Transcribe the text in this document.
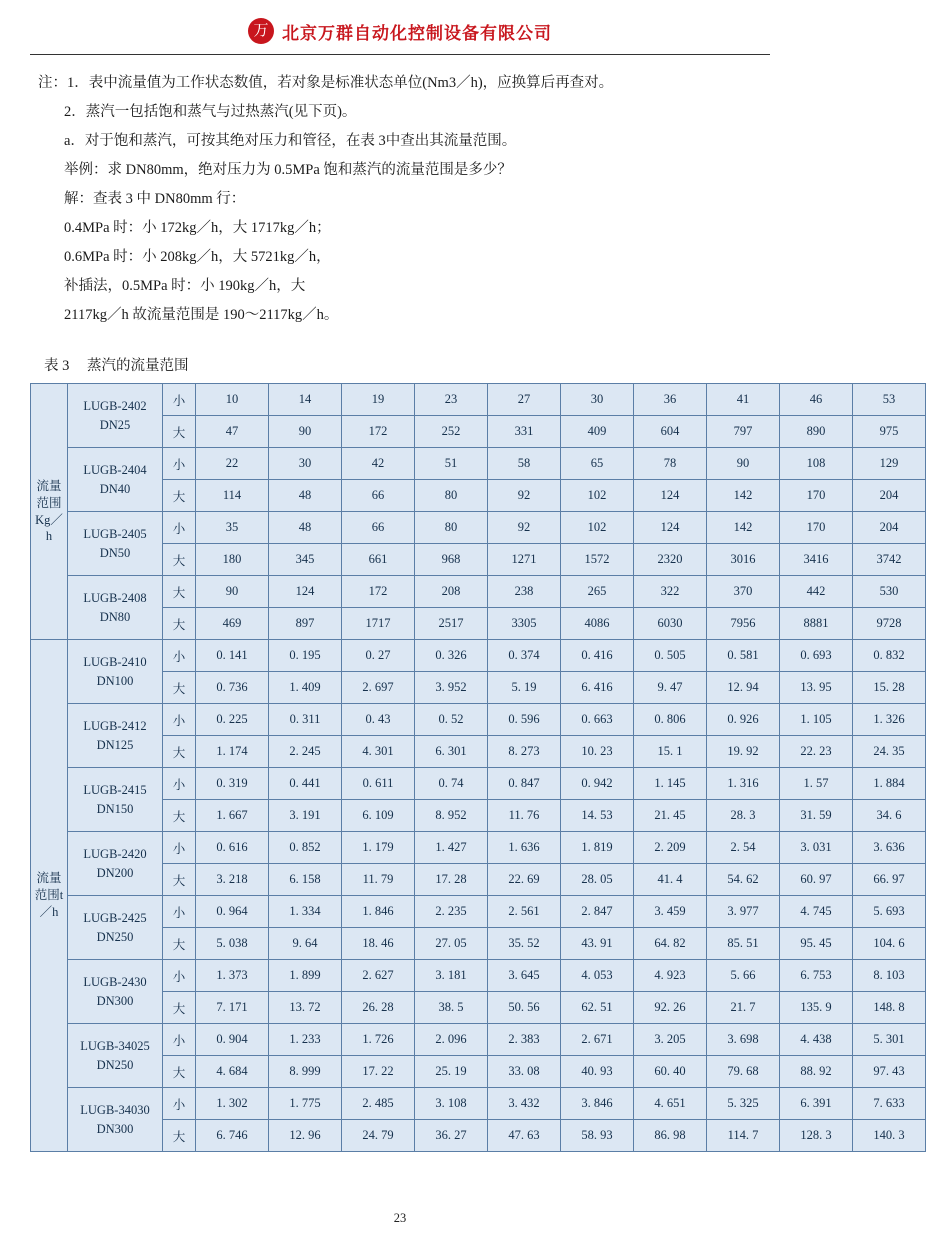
万 北京万群自动化控制设备有限公司
注：1．表中流量值为工作状态数值，若对象是标准状态单位(Nm3／h)，应换算后再查对。
2．蒸汽一包括饱和蒸气与过热蒸汽(见下页)。
a．对于饱和蒸汽，可按其绝对压力和管径，在表 3中查出其流量范围。
举例：求 DN80mm，绝对压力为 0.5MPa 饱和蒸汽的流量范围是多少？
解：查表 3 中 DN80mm 行：
0.4MPa 时：小 172kg／h，大 1717kg／h；
0.6MPa 时：小 208kg／h，大 5721kg／h，
补插法，0.5MPa 时：小 190kg／h，大
2117kg／h 故流量范围是 190～2117kg／h。
表 3 蒸汽的流量范围
流量范围Kg／h	LUGB-2402
DN25	小	10	14	19	23	27	30	36	41	46	53
		大	47	90	172	252	331	409	604	797	890	975

	LUGB-2404
DN40	小	22	30	42	51	58	65	78	90	108	129
		大	114	48	66	80	92	102	124	142	170	204

	LUGB-2405
DN50	小	35	48	66	80	92	102	124	142	170	204
		大	180	345	661	968	1271	1572	2320	3016	3416	3742

	LUGB-2408
DN80	大	90	124	172	208	238	265	322	370	442	530
		大	469	897	1717	2517	3305	4086	6030	7956	8881	9728
流量范围t／h	LUGB-2410
DN100	小	0. 141	0. 195	0. 27	0. 326	0. 374	0. 416	0. 505	0. 581	0. 693	0. 832
		大	0. 736	1. 409	2. 697	3. 952	5. 19	6. 416	9. 47	12. 94	13. 95	15. 28

	LUGB-2412
DN125	小	0. 225	0. 311	0. 43	0. 52	0. 596	0. 663	0. 806	0. 926	1. 105	1. 326
		大	1. 174	2. 245	4. 301	6. 301	8. 273	10. 23	15. 1	19. 92	22. 23	24. 35

	LUGB-2415
DN150	小	0. 319	0. 441	0. 611	0. 74	0. 847	0. 942	1. 145	1. 316	1. 57	1. 884
		大	1. 667	3. 191	6. 109	8. 952	11. 76	14. 53	21. 45	28. 3	31. 59	34. 6

	LUGB-2420
DN200	小	0. 616	0. 852	1. 179	1. 427	1. 636	1. 819	2. 209	2. 54	3. 031	3. 636
		大	3. 218	6. 158	11. 79	17. 28	22. 69	28. 05	41. 4	54. 62	60. 97	66. 97

	LUGB-2425
DN250	小	0. 964	1. 334	1. 846	2. 235	2. 561	2. 847	3. 459	3. 977	4. 745	5. 693
		大	5. 038	9. 64	18. 46	27. 05	35. 52	43. 91	64. 82	85. 51	95. 45	104. 6

	LUGB-2430
DN300	小	1. 373	1. 899	2. 627	3. 181	3. 645	4. 053	4. 923	5. 66	6. 753	8. 103
		大	7. 171	13. 72	26. 28	38. 5	50. 56	62. 51	92. 26	21. 7	135. 9	148. 8

	LUGB-34025
DN250	小	0. 904	1. 233	1. 726	2. 096	2. 383	2. 671	3. 205	3. 698	4. 438	5. 301
		大	4. 684	8. 999	17. 22	25. 19	33. 08	40. 93	60. 40	79. 68	88. 92	97. 43

	LUGB-34030
DN300	小	1. 302	1. 775	2. 485	3. 108	3. 432	3. 846	4. 651	5. 325	6. 391	7. 633
		大	6. 746	12. 96	24. 79	36. 27	47. 63	58. 93	86. 98	114. 7	128. 3	140. 3
23
